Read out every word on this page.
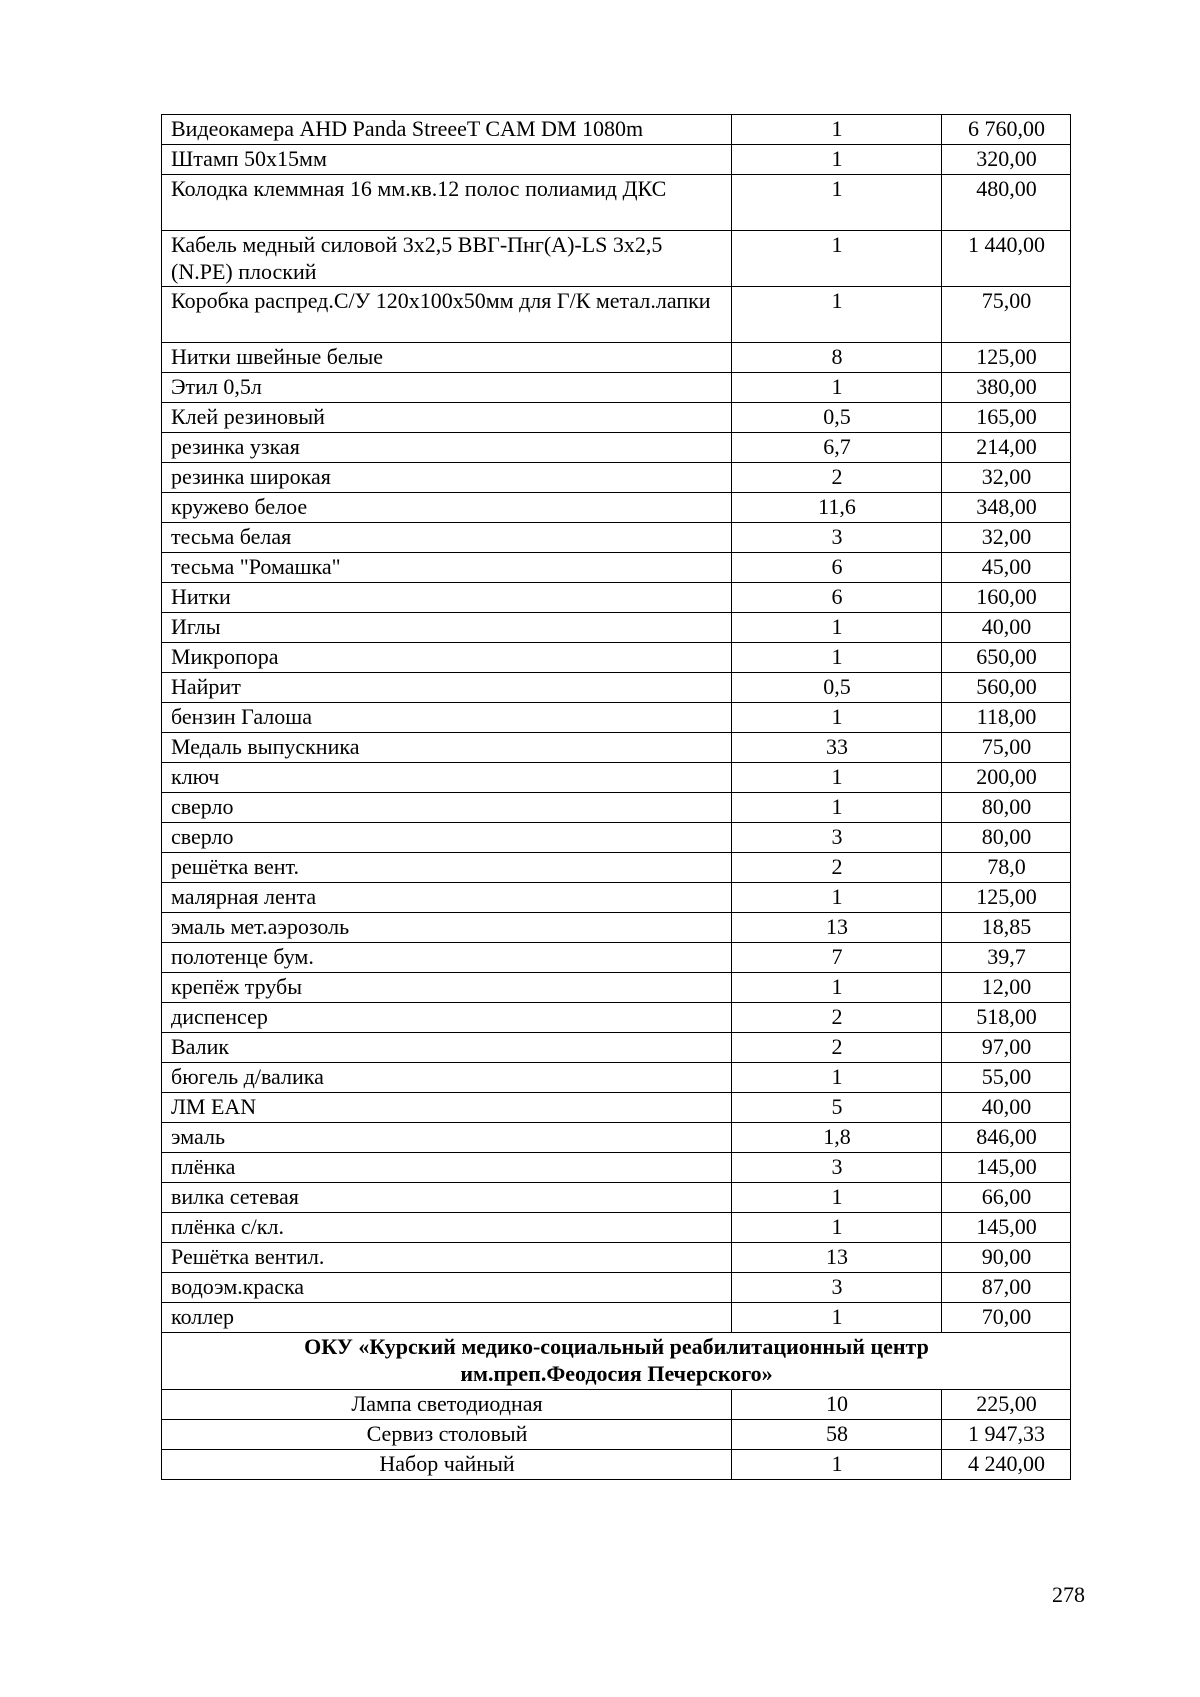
Видеокамера AHD Panda StreeeT CAM DM 1080m	1	6 760,00
Штамп 50х15мм	1	320,00
Колодка клеммная 16 мм.кв.12 полос полиамид ДКС	1	480,00
Кабель медный силовой 3х2,5 ВВГ-Пнг(А)-LS 3х2,5 (N.PE) плоский	1	1 440,00
Коробка распред.С/У 120х100х50мм для Г/К метал.лапки	1	75,00
Нитки швейные белые	8	125,00
Этил 0,5л	1	380,00
Клей резиновый	0,5	165,00
резинка узкая	6,7	214,00
резинка широкая	2	32,00
кружево белое	11,6	348,00
тесьма белая	3	32,00
тесьма "Ромашка"	6	45,00
Нитки	6	160,00
Иглы	1	40,00
Микропора	1	650,00
Найрит	0,5	560,00
бензин Галоша	1	118,00
Медаль выпускника	33	75,00
ключ	1	200,00
сверло	1	80,00
сверло	3	80,00
решётка вент.	2	78,0
малярная лента	1	125,00
эмаль мет.аэрозоль	13	18,85
полотенце бум.	7	39,7
крепёж трубы	1	12,00
диспенсер	2	518,00
Валик	2	97,00
бюгель д/валика	1	55,00
ЛМ EAN	5	40,00
эмаль	1,8	846,00
плёнка	3	145,00
вилка сетевая	1	66,00
плёнка с/кл.	1	145,00
Решётка вентил.	13	90,00
водоэм.краска	3	87,00
коллер	1	70,00

ОКУ «Курский медико-социальный реабилитационный центр
им.преп.Феодосия Печерского»		

Лампа светодиодная	10	225,00
Сервиз столовый	58	1 947,33
Набор чайный	1	4 240,00
278
